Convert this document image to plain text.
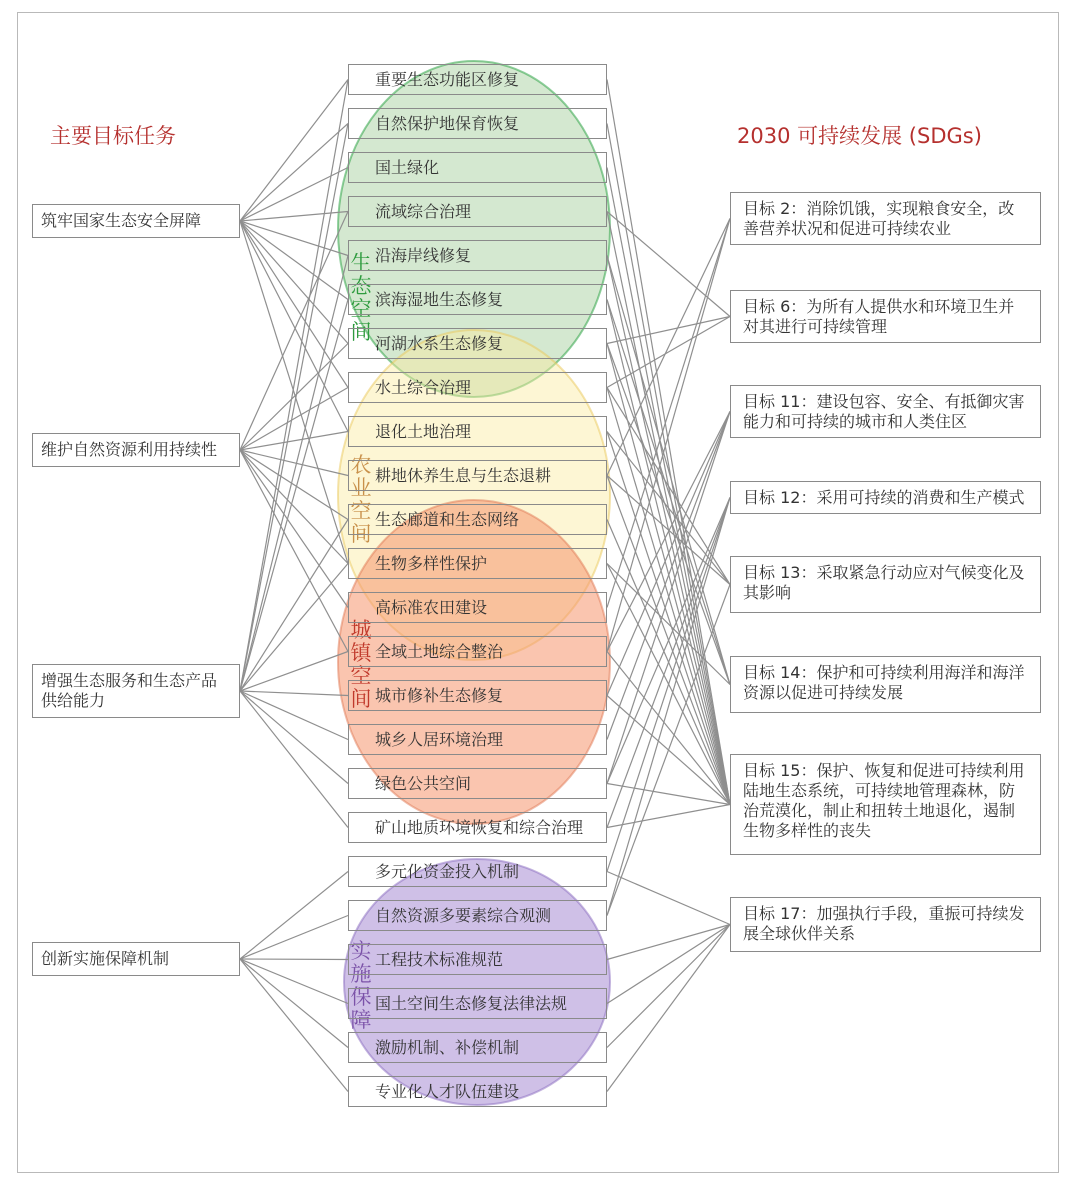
主要目标任务	2030 可持续发展 (SDGs)
生态空间
农业空间
城镇空间
实施保障
重要生态功能区修复
自然保护地保育恢复
国土绿化
流域综合治理
沿海岸线修复
滨海湿地生态修复
河湖水系生态修复
水土综合治理
退化土地治理
耕地休养生息与生态退耕
生态廊道和生态网络
生物多样性保护
高标准农田建设
全域土地综合整治
城市修补生态修复
城乡人居环境治理
绿色公共空间
矿山地质环境恢复和综合治理
多元化资金投入机制
自然资源多要素综合观测
工程技术标准规范
国土空间生态修复法律法规
激励机制、补偿机制
专业化人才队伍建设
筑牢国家生态安全屏障
维护自然资源利用持续性
增强生态服务和生态产品供给能力
创新实施保障机制
目标 2：消除饥饿，实现粮食安全，改善营养状况和促进可持续农业
目标 6：为所有人提供水和环境卫生并对其进行可持续管理
目标 11：建设包容、安全、有抵御灾害能力和可持续的城市和人类住区
目标 12：采用可持续的消费和生产模式
目标 13：采取紧急行动应对气候变化及其影响
目标 14：保护和可持续利用海洋和海洋资源以促进可持续发展
目标 15：保护、恢复和促进可持续利用陆地生态系统，可持续地管理森林，防治荒漠化，制止和扭转土地退化，遏制生物多样性的丧失
目标 17：加强执行手段，重振可持续发展全球伙伴关系
